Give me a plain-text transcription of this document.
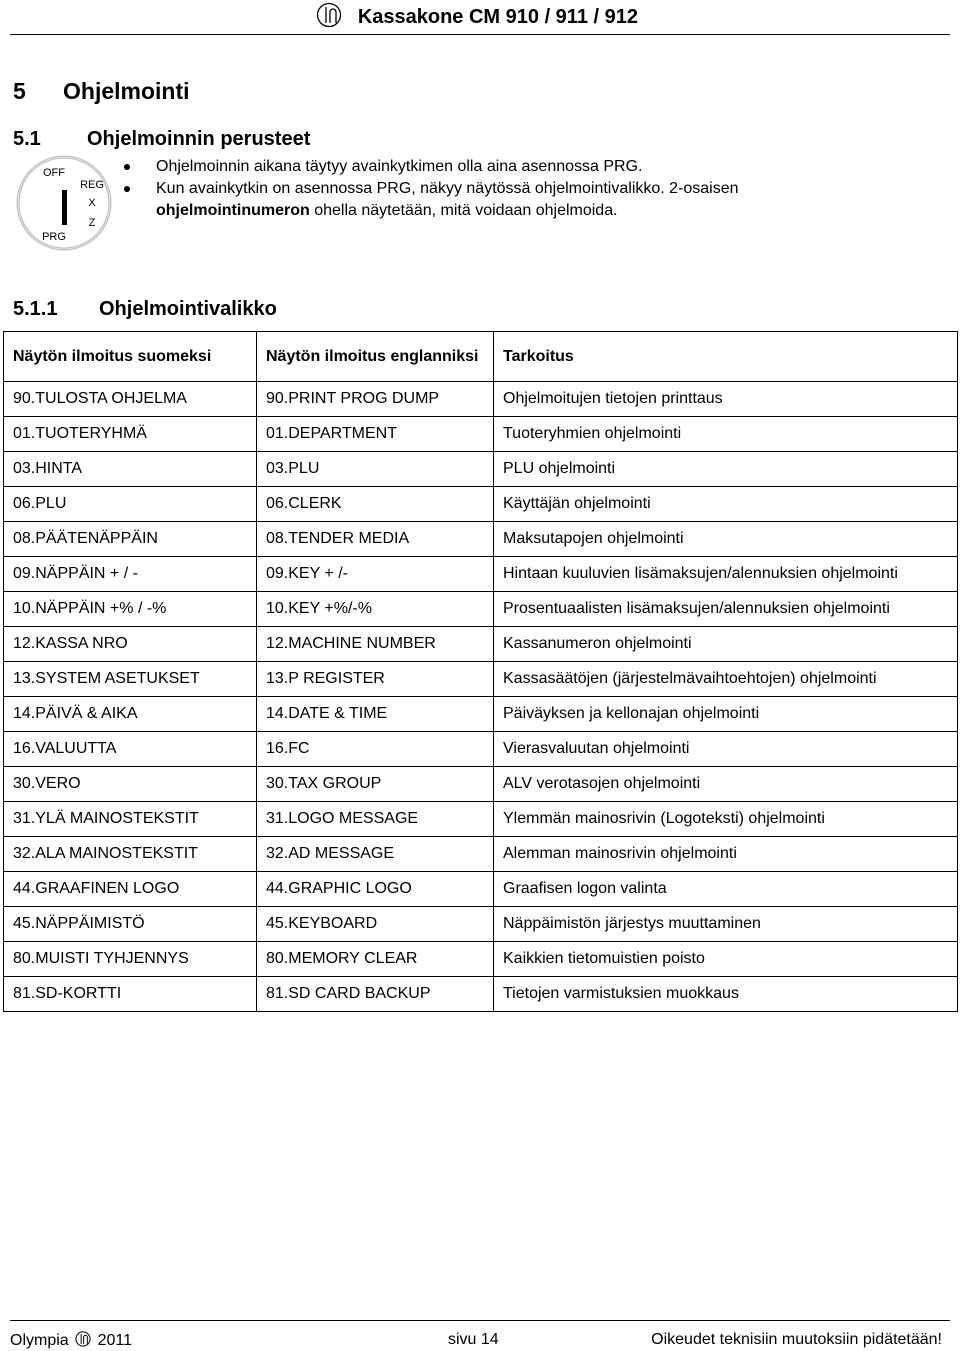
Kassakone CM 910 / 911 / 912
5 Ohjelmointi
5.1 Ohjelmoinnin perusteet
OFF
REG
X
Z
PRG
Ohjelmoinnin aikana täytyy avainkytkimen olla aina asennossa PRG.
Kun avainkytkin on asennossa PRG, näkyy näytössä ohjelmointivalikko. 2-osaisen ohjelmointinumeron ohella näytetään, mitä voidaan ohjelmoida.
5.1.1 Ohjelmointivalikko
Näytön ilmoitus suomeksi	Näytön ilmoitus englanniksi	Tarkoitus
90.TULOSTA OHJELMA	90.PRINT PROG DUMP	Ohjelmoitujen tietojen printtaus
01.TUOTERYHMÄ	01.DEPARTMENT	Tuoteryhmien ohjelmointi
03.HINTA	03.PLU	PLU ohjelmointi
06.PLU	06.CLERK	Käyttäjän ohjelmointi
08.PÄÄTENÄPPÄIN	08.TENDER MEDIA	Maksutapojen ohjelmointi
09.NÄPPÄIN + / -	09.KEY + /-	Hintaan kuuluvien lisämaksujen/alennuksien ohjelmointi
10.NÄPPÄIN +% / -%	10.KEY +%/-%	Prosentuaalisten lisämaksujen/alennuksien ohjelmointi
12.KASSA NRO	12.MACHINE NUMBER	Kassanumeron ohjelmointi
13.SYSTEM ASETUKSET	13.P REGISTER	Kassasäätöjen (järjestelmävaihtoehtojen) ohjelmointi
14.PÄIVÄ & AIKA	14.DATE & TIME	Päiväyksen ja kellonajan ohjelmointi
16.VALUUTTA	16.FC	Vierasvaluutan ohjelmointi
30.VERO	30.TAX GROUP	ALV verotasojen ohjelmointi
31.YLÄ MAINOSTEKSTIT	31.LOGO MESSAGE	Ylemmän mainosrivin (Logoteksti) ohjelmointi
32.ALA MAINOSTEKSTIT	32.AD MESSAGE	Alemman mainosrivin ohjelmointi
44.GRAAFINEN LOGO	44.GRAPHIC LOGO	Graafisen logon valinta
45.NÄPPÄIMISTÖ	45.KEYBOARD	Näppäimistön järjestys muuttaminen
80.MUISTI TYHJENNYS	80.MEMORY CLEAR	Kaikkien tietomuistien poisto
81.SD-KORTTI	81.SD CARD BACKUP	Tietojen varmistuksien muokkaus
Olympia 2011	sivu 14	Oikeudet teknisiin muutoksiin pidätetään!
